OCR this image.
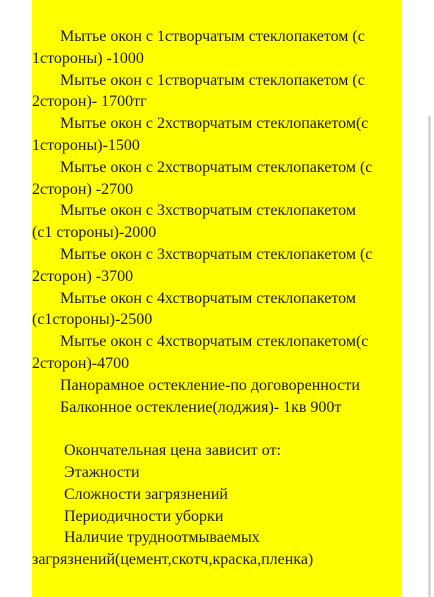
Мытье окон с 1створчатым стеклопакетом (с
1стороны) -1000
Мытье окон с 1створчатым стеклопакетом (с
2сторон)- 1700тг
Мытье окон с 2хстворчатым стеклопакетом(с
1стороны)-1500
Мытье окон с 2хстворчатым стеклопакетом (с
2сторон) -2700
Мытье окон с 3хстворчатым стеклопакетом
(с1 стороны)-2000
Мытье окон с 3хстворчатым стеклопакетом (с
2сторон) -3700
Мытье окон с 4хстворчатым стеклопакетом
(с1стороны)-2500
Мытье окон с 4хстворчатым стеклопакетом(с
2сторон)-4700
Панорамное остекление-по договоренности
Балконное остекление(лоджия)- 1кв 900т
Окончательная цена зависит от:
Этажности
Сложности загрязнений
Периодичности уборки
Наличие трудноотмываемых
загрязнений(цемент,скотч,краска,пленка)
